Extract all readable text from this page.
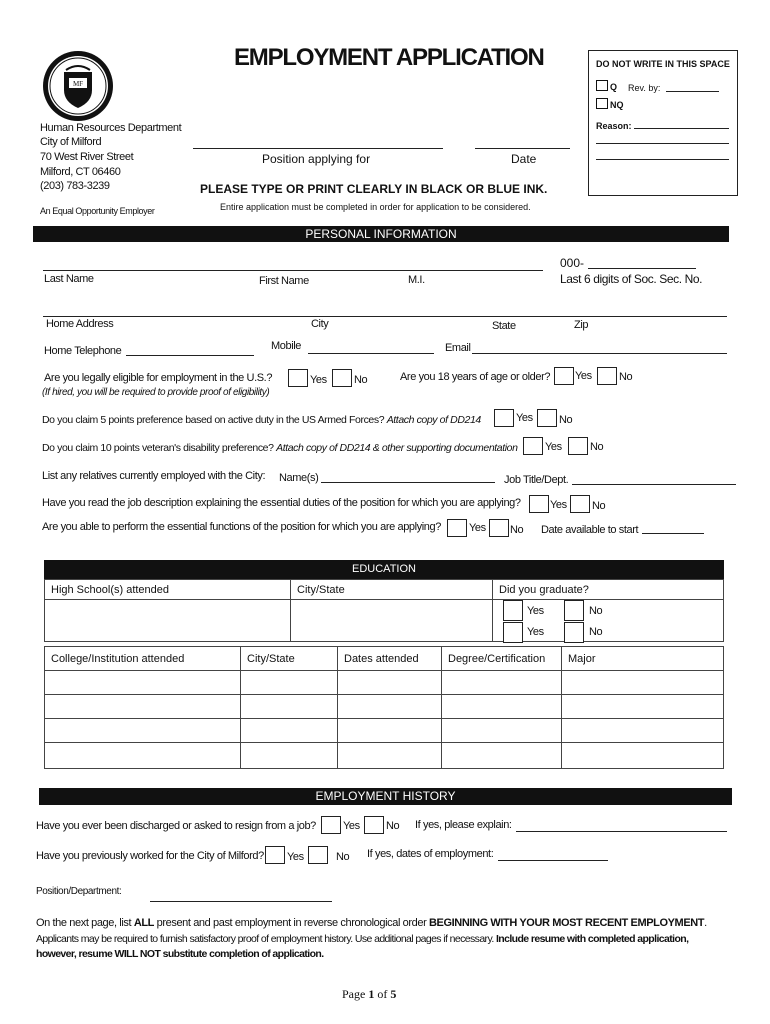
MF
Human Resources Department
City of Milford
70 West River Street
Milford, CT 06460
(203) 783-3239
An Equal Opportunity Employer
EMPLOYMENT APPLICATION
Position applying for	Date
PLEASE TYPE OR PRINT CLEARLY IN BLACK OR BLUE INK.
Entire application must be completed in order for application to be considered.
DO NOT WRITE IN THIS SPACE
Q Rev. by:
NQ
Reason:
PERSONAL INFORMATION
Last Name	First Name	M.I.
000-
Last 6 digits of Soc. Sec. No.
Home Address	City	State	Zip
Home Telephone	Mobile	Email
Are you legally eligible for employment in the U.S.?
(If hired, you will be required to provide proof of eligibility)
Yes No	Are you 18 years of age or older? Yes No
Do you claim 5 points preference based on active duty in the US Armed Forces? Attach copy of DD214	Yes No
Do you claim 10 points veteran's disability preference? Attach copy of DD214 & other supporting documentation Yes	No
List any relatives currently employed with the City: Name(s)	Job Title/Dept.
Have you read the job description explaining the essential duties of the position for which you are applying?	Yes No
Are you able to perform the essential functions of the position for which you are applying?	Yes No Date available to start
EDUCATION
High School(s) attended	City/State	Did you graduate?

Yes	No
Yes	No
College/Institution attended	City/State	Dates attended	Degree/Certification	Major

EMPLOYMENT HISTORY
Have you ever been discharged or asked to resign from a job? Yes No If yes, please explain:
Have you previously worked for the City of Milford? Yes	No If yes, dates of employment:
Position/Department:
On the next page, list ALL present and past employment in reverse chronological order BEGINNING WITH YOUR MOST RECENT EMPLOYMENT.
Applicants may be required to furnish satisfactory proof of employment history. Use additional pages if necessary. Include resume with completed application,
however, resume WILL NOT substitute completion of application.
Page 1 of 5
